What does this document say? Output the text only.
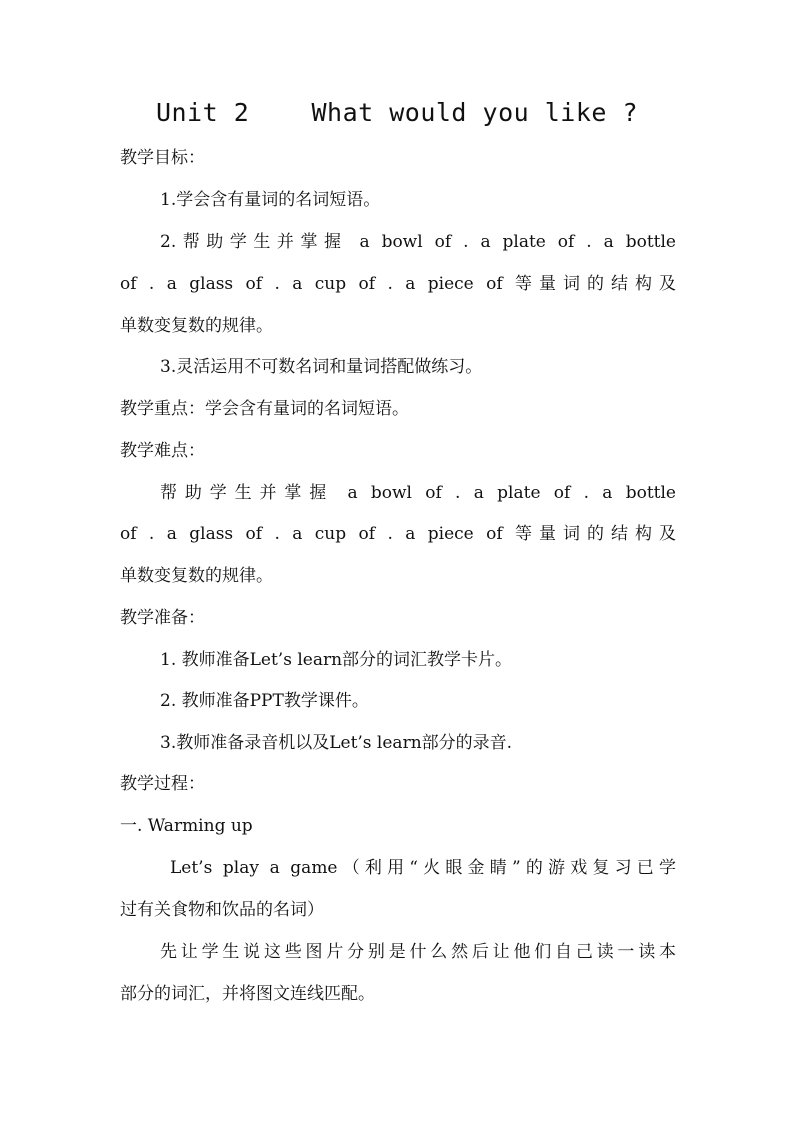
Unit 2    What would you like ?
教学目标：
1.学会含有量词的名词短语。
2.帮助学生并掌握 a bowl of . a plate of . a bottle
of . a glass of . a cup of . a piece of 等量词的结构及
单数变复数的规律。
3.灵活运用不可数名词和量词搭配做练习。
教学重点：学会含有量词的名词短语。
教学难点：
帮助学生并掌握 a bowl of . a plate of . a bottle
of . a glass of . a cup of . a piece of 等量词的结构及
单数变复数的规律。
教学准备：
1. 教师准备Let’s learn部分的词汇教学卡片。
2. 教师准备PPT教学课件。
3.教师准备录音机以及Let’s learn部分的录音.
教学过程：
一. Warming up
Let’s play a game（利用“火眼金睛”的游戏复习已学
过有关食物和饮品的名词）
先让学生说这些图片分别是什么然后让他们自己读一读本
部分的词汇，并将图文连线匹配。
